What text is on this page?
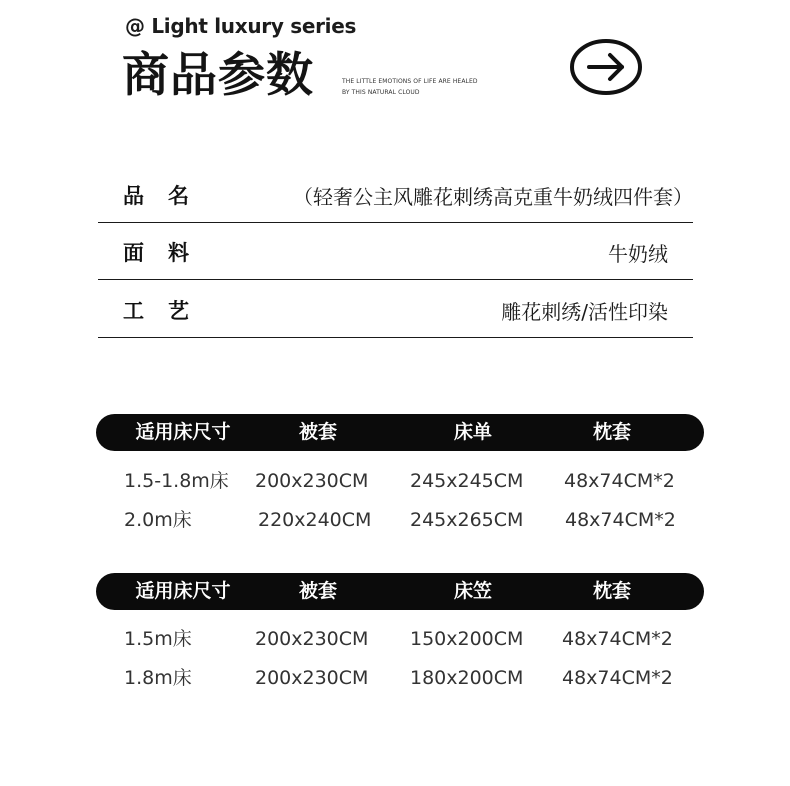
@ Light luxury series
商品参数	THE LITTLE EMOTIONS OF LIFE ARE HEALED
BY THIS NATURAL CLOUD
品 名	（轻奢公主风雕花刺绣高克重牛奶绒四件套）
面 料	牛奶绒
工 艺	雕花刺绣/活性印染
适用床尺寸	被套	床单	枕套
1.5-1.8m床 200x230CM 245x245CM 48x74CM*2
2.0m床	220x240CM 245x265CM 48x74CM*2
适用床尺寸	被套	床笠	枕套
1.5m床	200x230CM 150x200CM 48x74CM*2
1.8m床	200x230CM 180x200CM 48x74CM*2
